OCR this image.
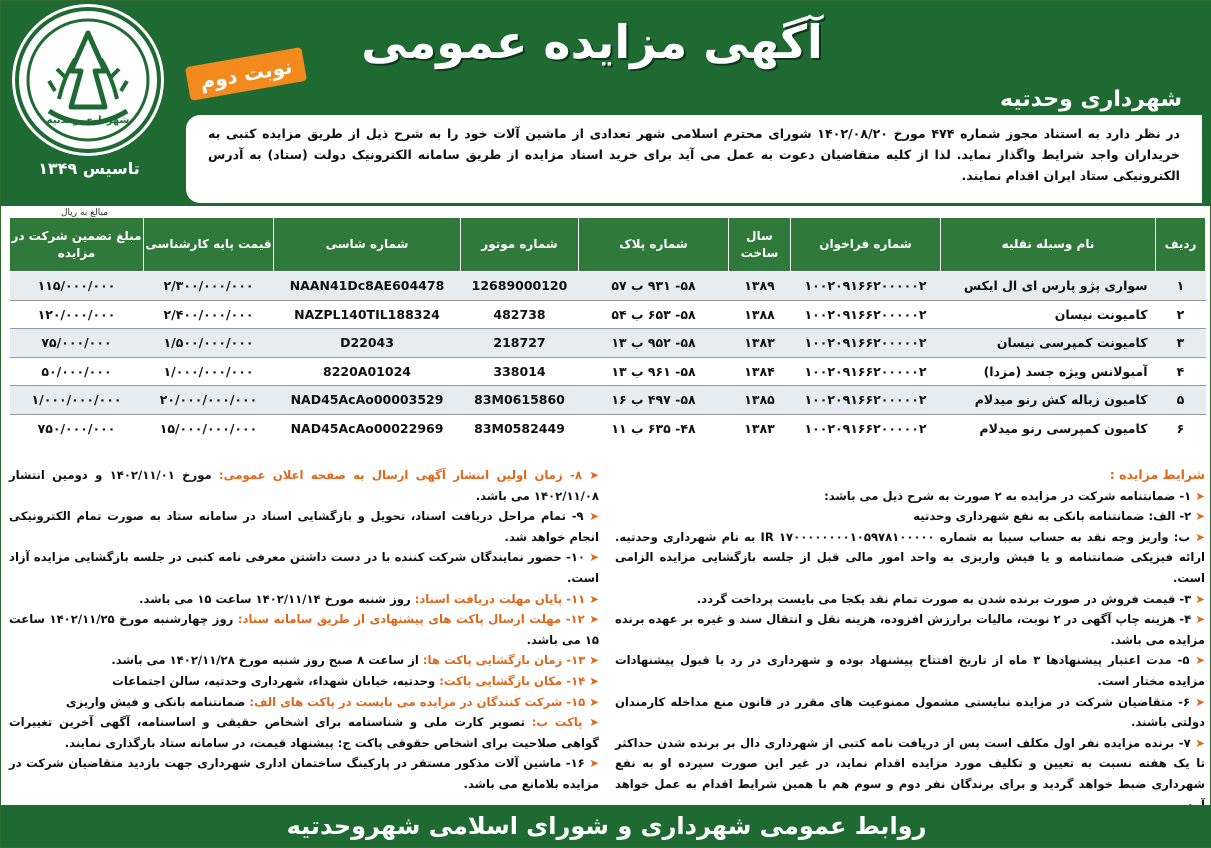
شهرداری وحدتیه
تاسیس ۱۳۴۹
آگهی مزایده عمومی
نوبت دوم
شهرداری وحدتیه
در نظر دارد به استناد مجوز شماره ۴۷۴ مورخ ۱۴۰۲/۰۸/۲۰ شورای محترم اسلامی شهر تعدادی از ماشین آلات خود را به شرح ذیل از طریق مزایده کتبی به خریداران واجد شرایط واگذار نماید. لذا از کلیه متقاضیان دعوت به عمل می آید برای خرید اسناد مزایده از طریق سامانه الکترونیک دولت (ستاد) به آدرس الکترونیکی ستاد ایران اقدام نمایند.
مبالغ به ریال
ردیف	نام وسیله نقلیه	شماره فراخوان	سال ساخت	شماره پلاک	شماره موتور	شماره شاسی	قیمت پایه کارشناسی	مبلغ تضمین شرکت در مزایده
۱	سواری پژو پارس ای ال ایکس	۱۰۰۲۰۹۱۶۶۲۰۰۰۰۰۲	۱۳۸۹	۵۸- ۹۳۱ ب ۵۷	12689000120	NAAN41Dc8AE604478	۲/۳۰۰/۰۰۰/۰۰۰	۱۱۵/۰۰۰/۰۰۰
۲	کامیونت نیسان	۱۰۰۲۰۹۱۶۶۲۰۰۰۰۰۲	۱۳۸۸	۵۸- ۶۵۳ ب ۵۴	482738	NAZPL140TIL188324	۲/۴۰۰/۰۰۰/۰۰۰	۱۲۰/۰۰۰/۰۰۰
۳	کامیونت کمپرسی نیسان	۱۰۰۲۰۹۱۶۶۲۰۰۰۰۰۲	۱۳۸۳	۵۸- ۹۵۲ ب ۱۳	218727	D22043	۱/۵۰۰/۰۰۰/۰۰۰	۷۵/۰۰۰/۰۰۰
۴	آمبولانس ویژه جسد (مزدا)	۱۰۰۲۰۹۱۶۶۲۰۰۰۰۰۲	۱۳۸۴	۵۸- ۹۶۱ ب ۱۳	338014	8220A01024	۱/۰۰۰/۰۰۰/۰۰۰	۵۰/۰۰۰/۰۰۰
۵	کامیون زباله کش رنو میدلام	۱۰۰۲۰۹۱۶۶۲۰۰۰۰۰۲	۱۳۸۵	۵۸- ۴۹۷ ب ۱۶	83M0615860	NAD45AcAo00003529	۲۰/۰۰۰/۰۰۰/۰۰۰	۱/۰۰۰/۰۰۰/۰۰۰
۶	کامیون کمپرسی رنو میدلام	۱۰۰۲۰۹۱۶۶۲۰۰۰۰۰۲	۱۳۸۳	۴۸- ۶۳۵ ب ۱۱	83M0582449	NAD45AcAo00022969	۱۵/۰۰۰/۰۰۰/۰۰۰	۷۵۰/۰۰۰/۰۰۰
شرایط مزایده :
➤ ۱- ضمانتنامه شرکت در مزایده به ۲ صورت به شرح ذیل می باشد:
➤ ۲- الف: ضمانتنامه بانکی به نفع شهرداری وحدتیه
➤ ب: واریز وجه نقد به حساب سیبا به شماره IR ۱۷۰۰۰۰۰۰۰۰۱۰۵۹۷۸۱۰۰۰۰۰ به نام شهرداری وحدتیه. ارائه فیزیکی ضمانتنامه و یا فیش واریزی به واحد امور مالی قبل از جلسه بازگشایی مزایده الزامی است.
➤ ۳- قیمت فروش در صورت برنده شدن به صورت تمام نقد یکجا می بایست پرداخت گردد.
➤ ۴- هزینه چاپ آگهی در ۲ نوبت، مالیات برارزش افزوده، هزینه نقل و انتقال سند و غیره بر عهده برنده مزایده می باشد.
➤ ۵- مدت اعتبار پیشنهادها ۳ ماه از تاریخ افتتاح پیشنهاد بوده و شهرداری در رد یا قبول پیشنهادات مزایده مختار است.
➤ ۶- متقاضیان شرکت در مزایده نبایستی مشمول ممنوعیت های مقرر در قانون منع مداخله کارمندان دولتی باشند.
➤ ۷- برنده مزایده نفر اول مکلف است پس از دریافت نامه کتبی از شهرداری دال بر برنده شدن حداکثر تا یک هفته نسبت به تعیین و تکلیف مورد مزایده اقدام نماید، در غیر این صورت سپرده او به نفع شهرداری ضبط خواهد گردید و برای برندگان نفر دوم و سوم هم با همین شرایط اقدام به عمل خواهد
➤ ۸- زمان اولین انتشار آگهی ارسال به صفحه اعلان عمومی: مورخ ۱۴۰۲/۱۱/۰۱ و دومین انتشار ۱۴۰۲/۱۱/۰۸ می باشد.
➤ ۹- تمام مراحل دریافت اسناد، تحویل و بازگشایی اسناد در سامانه ستاد به صورت تمام الکترونیکی انجام خواهد شد.
➤ ۱۰- حضور نمایندگان شرکت کننده با در دست داشتن معرفی نامه کتبی در جلسه بازگشایی مزایده آزاد است.
➤ ۱۱- پایان مهلت دریافت اسناد: روز شنبه مورخ ۱۴۰۲/۱۱/۱۴ ساعت ۱۵ می باشد.
➤ ۱۲- مهلت ارسال پاکت های پیشنهادی از طریق سامانه ستاد: روز چهارشنبه مورخ ۱۴۰۲/۱۱/۲۵ ساعت ۱۵ می باشد.
➤ ۱۳- زمان بازگشایی پاکت ها: از ساعت ۸ صبح روز شنبه مورخ ۱۴۰۲/۱۱/۲۸ می باشد.
➤ ۱۴- مکان بازگشایی پاکت: وحدتیه، خیابان شهداء، شهرداری وحدتیه، سالن اجتماعات
➤ ۱۵- شرکت کنندگان در مزایده می بایست در پاکت های الف: ضمانتنامه بانکی و فیش واریزی
➤ پاکت ب: تصویر کارت ملی و شناسنامه برای اشخاص حقیقی و اساسنامه، آگهی آخرین تغییرات گواهی صلاحیت برای اشخاص حقوقی پاکت ج: پیشنهاد قیمت، در سامانه ستاد بارگذاری نمایند.
➤ ۱۶- ماشین آلات مذکور مستقر در پارکینگ ساختمان اداری شهرداری جهت بازدید متقاضیان شرکت در مزایده بلامانع می باشد.
روابط عمومی شهرداری و شورای اسلامی شهروحدتیه
